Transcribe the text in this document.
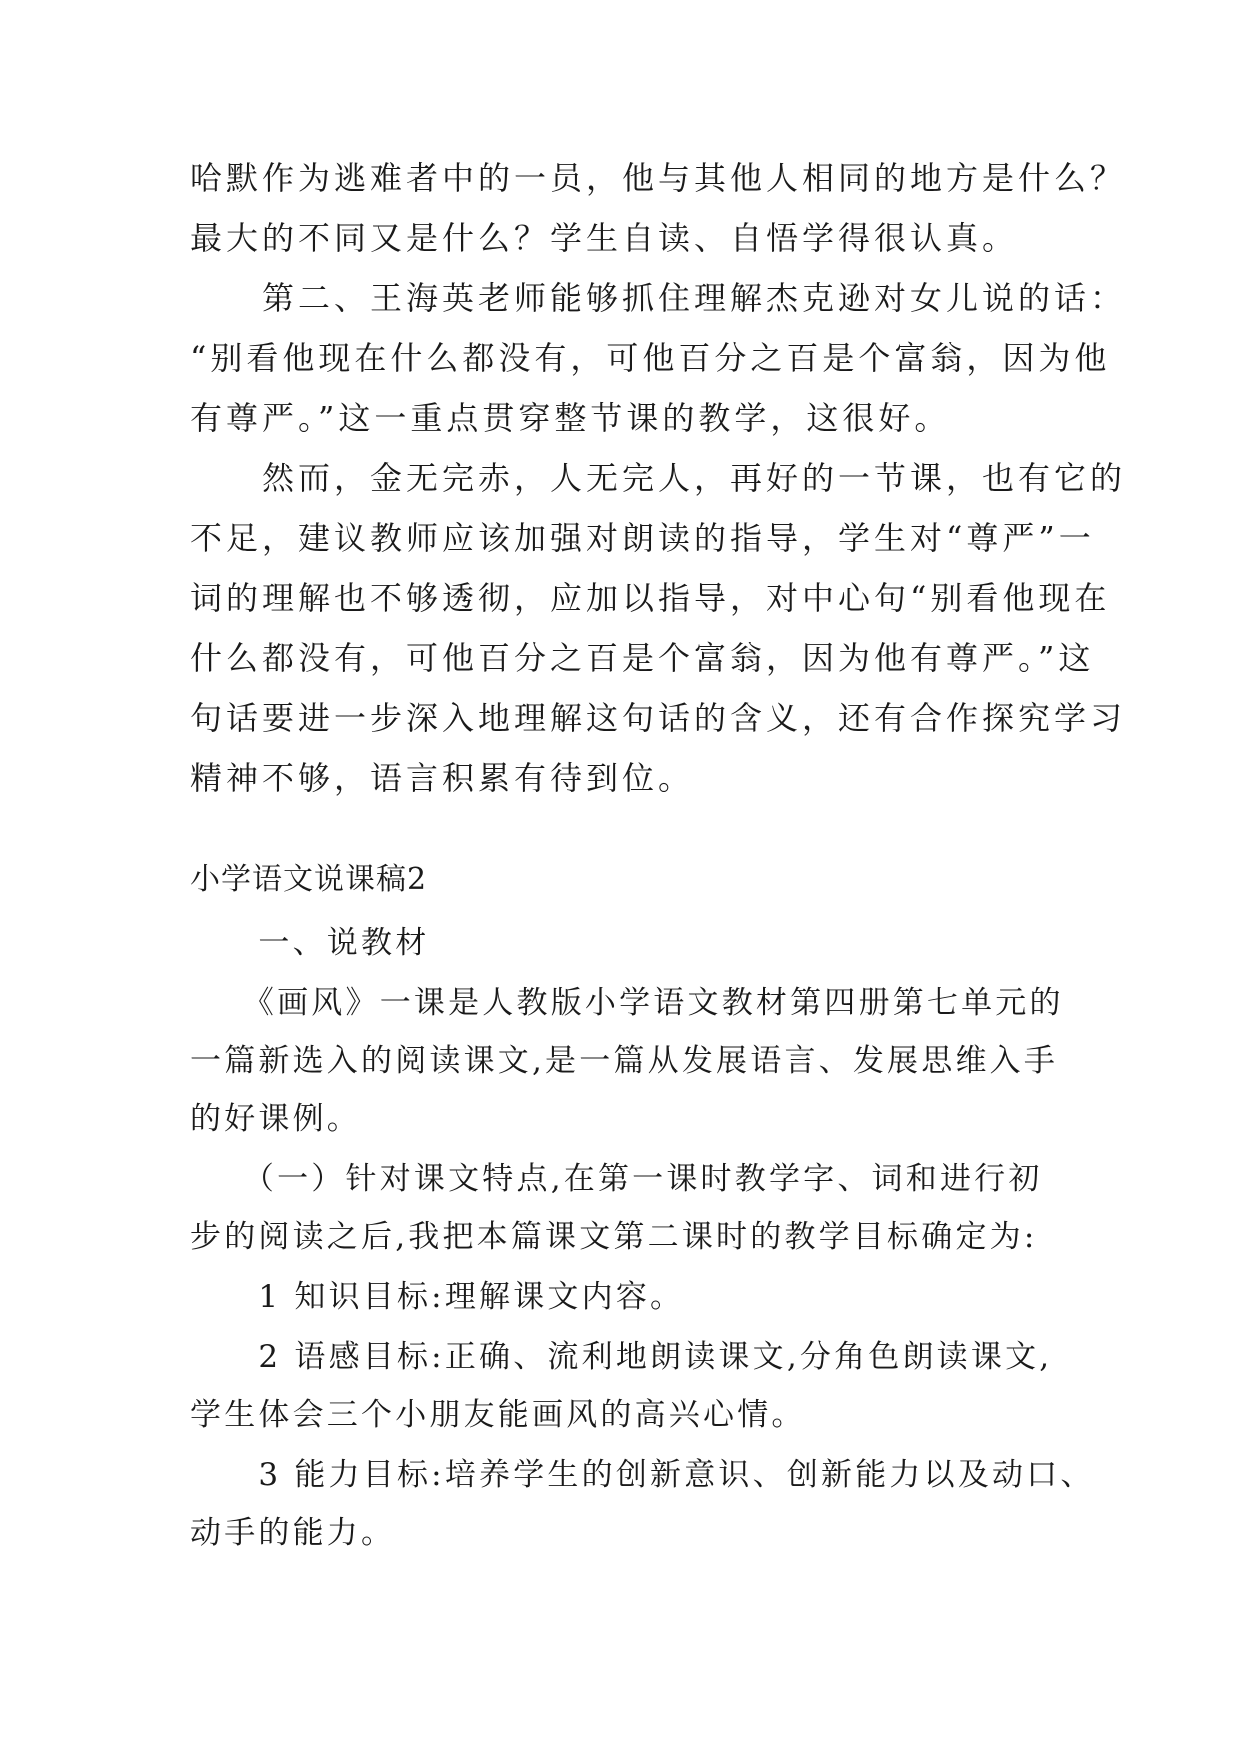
哈默作为逃难者中的一员，他与其他人相同的地方是什么？
最大的不同又是什么？学生自读、自悟学得很认真。
　　第二、王海英老师能够抓住理解杰克逊对女儿说的话：
“别看他现在什么都没有，可他百分之百是个富翁，因为他
有尊严。”这一重点贯穿整节课的教学，这很好。
　　然而，金无完赤，人无完人，再好的一节课，也有它的
不足，建议教师应该加强对朗读的指导，学生对“尊严”一
词的理解也不够透彻，应加以指导，对中心句“别看他现在
什么都没有，可他百分之百是个富翁，因为他有尊严。”这
句话要进一步深入地理解这句话的含义，还有合作探究学习
精神不够，语言积累有待到位。
小学语文说课稿2
　　一、说教材
　　《画风》一课是人教版小学语文教材第四册第七单元的
一篇新选入的阅读课文,是一篇从发展语言、发展思维入手
的好课例。
　　（一）针对课文特点,在第一课时教学字、词和进行初
步的阅读之后,我把本篇课文第二课时的教学目标确定为:
　　1 知识目标:理解课文内容。
　　2 语感目标:正确、流利地朗读课文,分角色朗读课文,
学生体会三个小朋友能画风的高兴心情。
　　3 能力目标:培养学生的创新意识、创新能力以及动口、
动手的能力。
